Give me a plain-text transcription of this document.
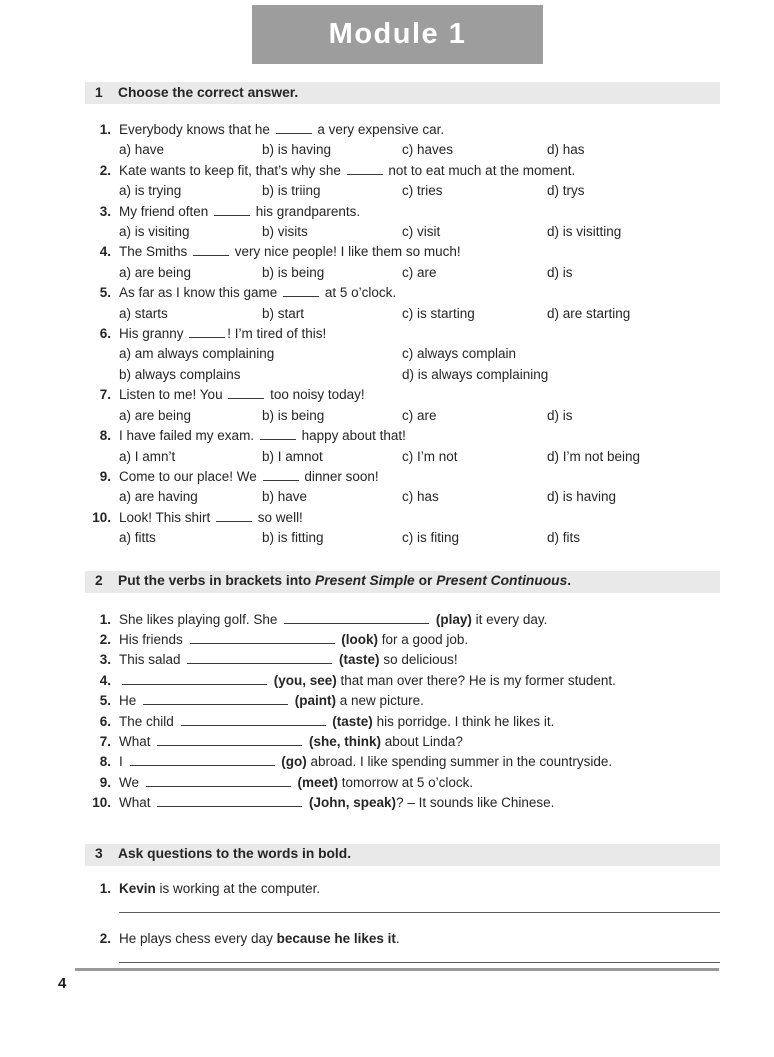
Module 1
1	Choose the correct answer.
1. Everybody knows that he	a very expensive car.
a) have	b) is having	c) haves	d) has
2. Kate wants to keep fit, that’s why she	not to eat much at the moment.
a) is trying	b) is triing	c) tries	d) trys
3. My friend often	his grandparents.
a) is visiting	b) visits	c) visit	d) is visitting
4. The Smiths	very nice people! I like them so much!
a) are being	b) is being	c) are	d) is
5. As far as I know this game	at 5 o’clock.
a) starts	b) start	c) is starting	d) are starting
6. His granny	! I’m tired of this!
a) am always complaining	c) always complain
b) always complains	d) is always complaining
7. Listen to me! You	too noisy today!
a) are being	b) is being	c) are	d) is
8. I have failed my exam.	happy about that!
a) I amn’t	b) I amnot	c) I’m not	d) I’m not being
9. Come to our place! We	dinner soon!
a) are having	b) have	c) has	d) is having
10. Look! This shirt	so well!
a) fitts	b) is fitting	c) is fiting	d) fits
2	Put the verbs in brackets into Present Simple or Present Continuous.
1. She likes playing golf. She	(play) it every day.
2. His friends	(look) for a good job.
3. This salad	(taste) so delicious!
4.	(you, see) that man over there? He is my former student.
5. He	(paint) a new picture.
6. The child	(taste) his porridge. I think he likes it.
7. What	(she, think) about Linda?
8. I	(go) abroad. I like spending summer in the countryside.
9. We	(meet) tomorrow at 5 o’clock.
10. What	(John, speak)? – It sounds like Chinese.
3	Ask questions to the words in bold.
1. Kevin is working at the computer.
2. He plays chess every day because he likes it.
4
